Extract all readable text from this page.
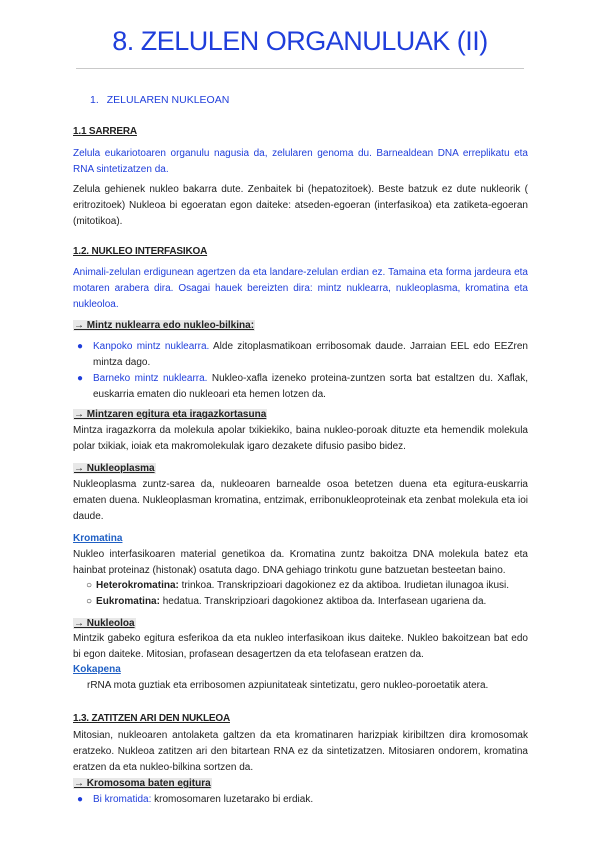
8. ZELULEN ORGANULUAK (II)

1. ZELULAREN NUKLEOAN

1.1 SARRERA

Zelula eukariotoaren organulu nagusia da, zelularen genoma du. Barnealdean DNA erreplikatu eta RNA sintetizatzen da.

Zelula gehienek nukleo bakarra dute. Zenbaitek bi (hepatozitoek). Beste batzuk ez dute nukleorik ( eritrozitoek) Nukleoa bi egoeratan egon daiteke: atseden-egoeran (interfasikoa) eta zatiketa-egoeran (mitotikoa).

1.2. NUKLEO INTERFASIKOA

Animali-zelulan erdigunean agertzen da eta landare-zelulan erdian ez. Tamaina eta forma jardeura eta motaren arabera dira. Osagai hauek bereizten dira: mintz nuklearra, nukleoplasma, kromatina eta nukleoloa.

→ Mintz nuklearra edo nukleo-bilkina:

● Kanpoko mintz nuklearra. Alde zitoplasmatikoan erribosomak daude. Jarraian EEL edo EEZren mintza dago.
● Barneko mintz nuklearra. Nukleo-xafla izeneko proteina-zuntzen sorta bat estaltzen du. Xaflak, euskarria ematen dio nukleoari eta hemen lotzen da.

→ Mintzaren egitura eta iragazkortasuna

Mintza iragazkorra da molekula apolar txikiekiko, baina nukleo-poroak dituzte eta hemendik molekula polar txikiak, ioiak eta makromolekulak igaro dezakete difusio pasibo bidez.

→ Nukleoplasma

Nukleoplasma zuntz-sarea da, nukleoaren barnealde osoa betetzen duena eta egitura-euskarria ematen duena. Nukleoplasman kromatina, entzimak, erribonukleoproteinak eta zenbat molekula eta ioi daude.

Kromatina

Nukleo interfasikoaren material genetikoa da. Kromatina zuntz bakoitza DNA molekula batez eta hainbat proteinaz (histonak) osatuta dago. DNA gehiago trinkotu gune batzuetan besteetan baino.

○ Heterokromatina: trinkoa. Transkripzioari dagokionez ez da aktiboa. Irudietan ilunagoa ikusi.

○ Eukromatina: hedatua. Transkripzioari dagokionez aktiboa da. Interfasean ugariena da.

→ Nukleoloa

Mintzik gabeko egitura esferikoa da eta nukleo interfasikoan ikus daiteke. Nukleo bakoitzean bat edo bi egon daiteke. Mitosian, profasean desagertzen da eta telofasean eratzen da.

Kokapena

rRNA mota guztiak eta erribosomen azpiunitateak sintetizatu, gero nukleo-poroetatik atera.

1.3. ZATITZEN ARI DEN NUKLEOA

Mitosian, nukleoaren antolaketa galtzen da eta kromatinaren harizpiak kiribiltzen dira kromosomak eratzeko. Nukleoa zatitzen ari den bitartean RNA ez da sintetizatzen. Mitosiaren ondorem, kromatina eratzen da eta nukleo-bilkina sortzen da.

→ Kromosoma baten egitura

● Bi kromatida: kromosomaren luzetarako bi erdiak.
